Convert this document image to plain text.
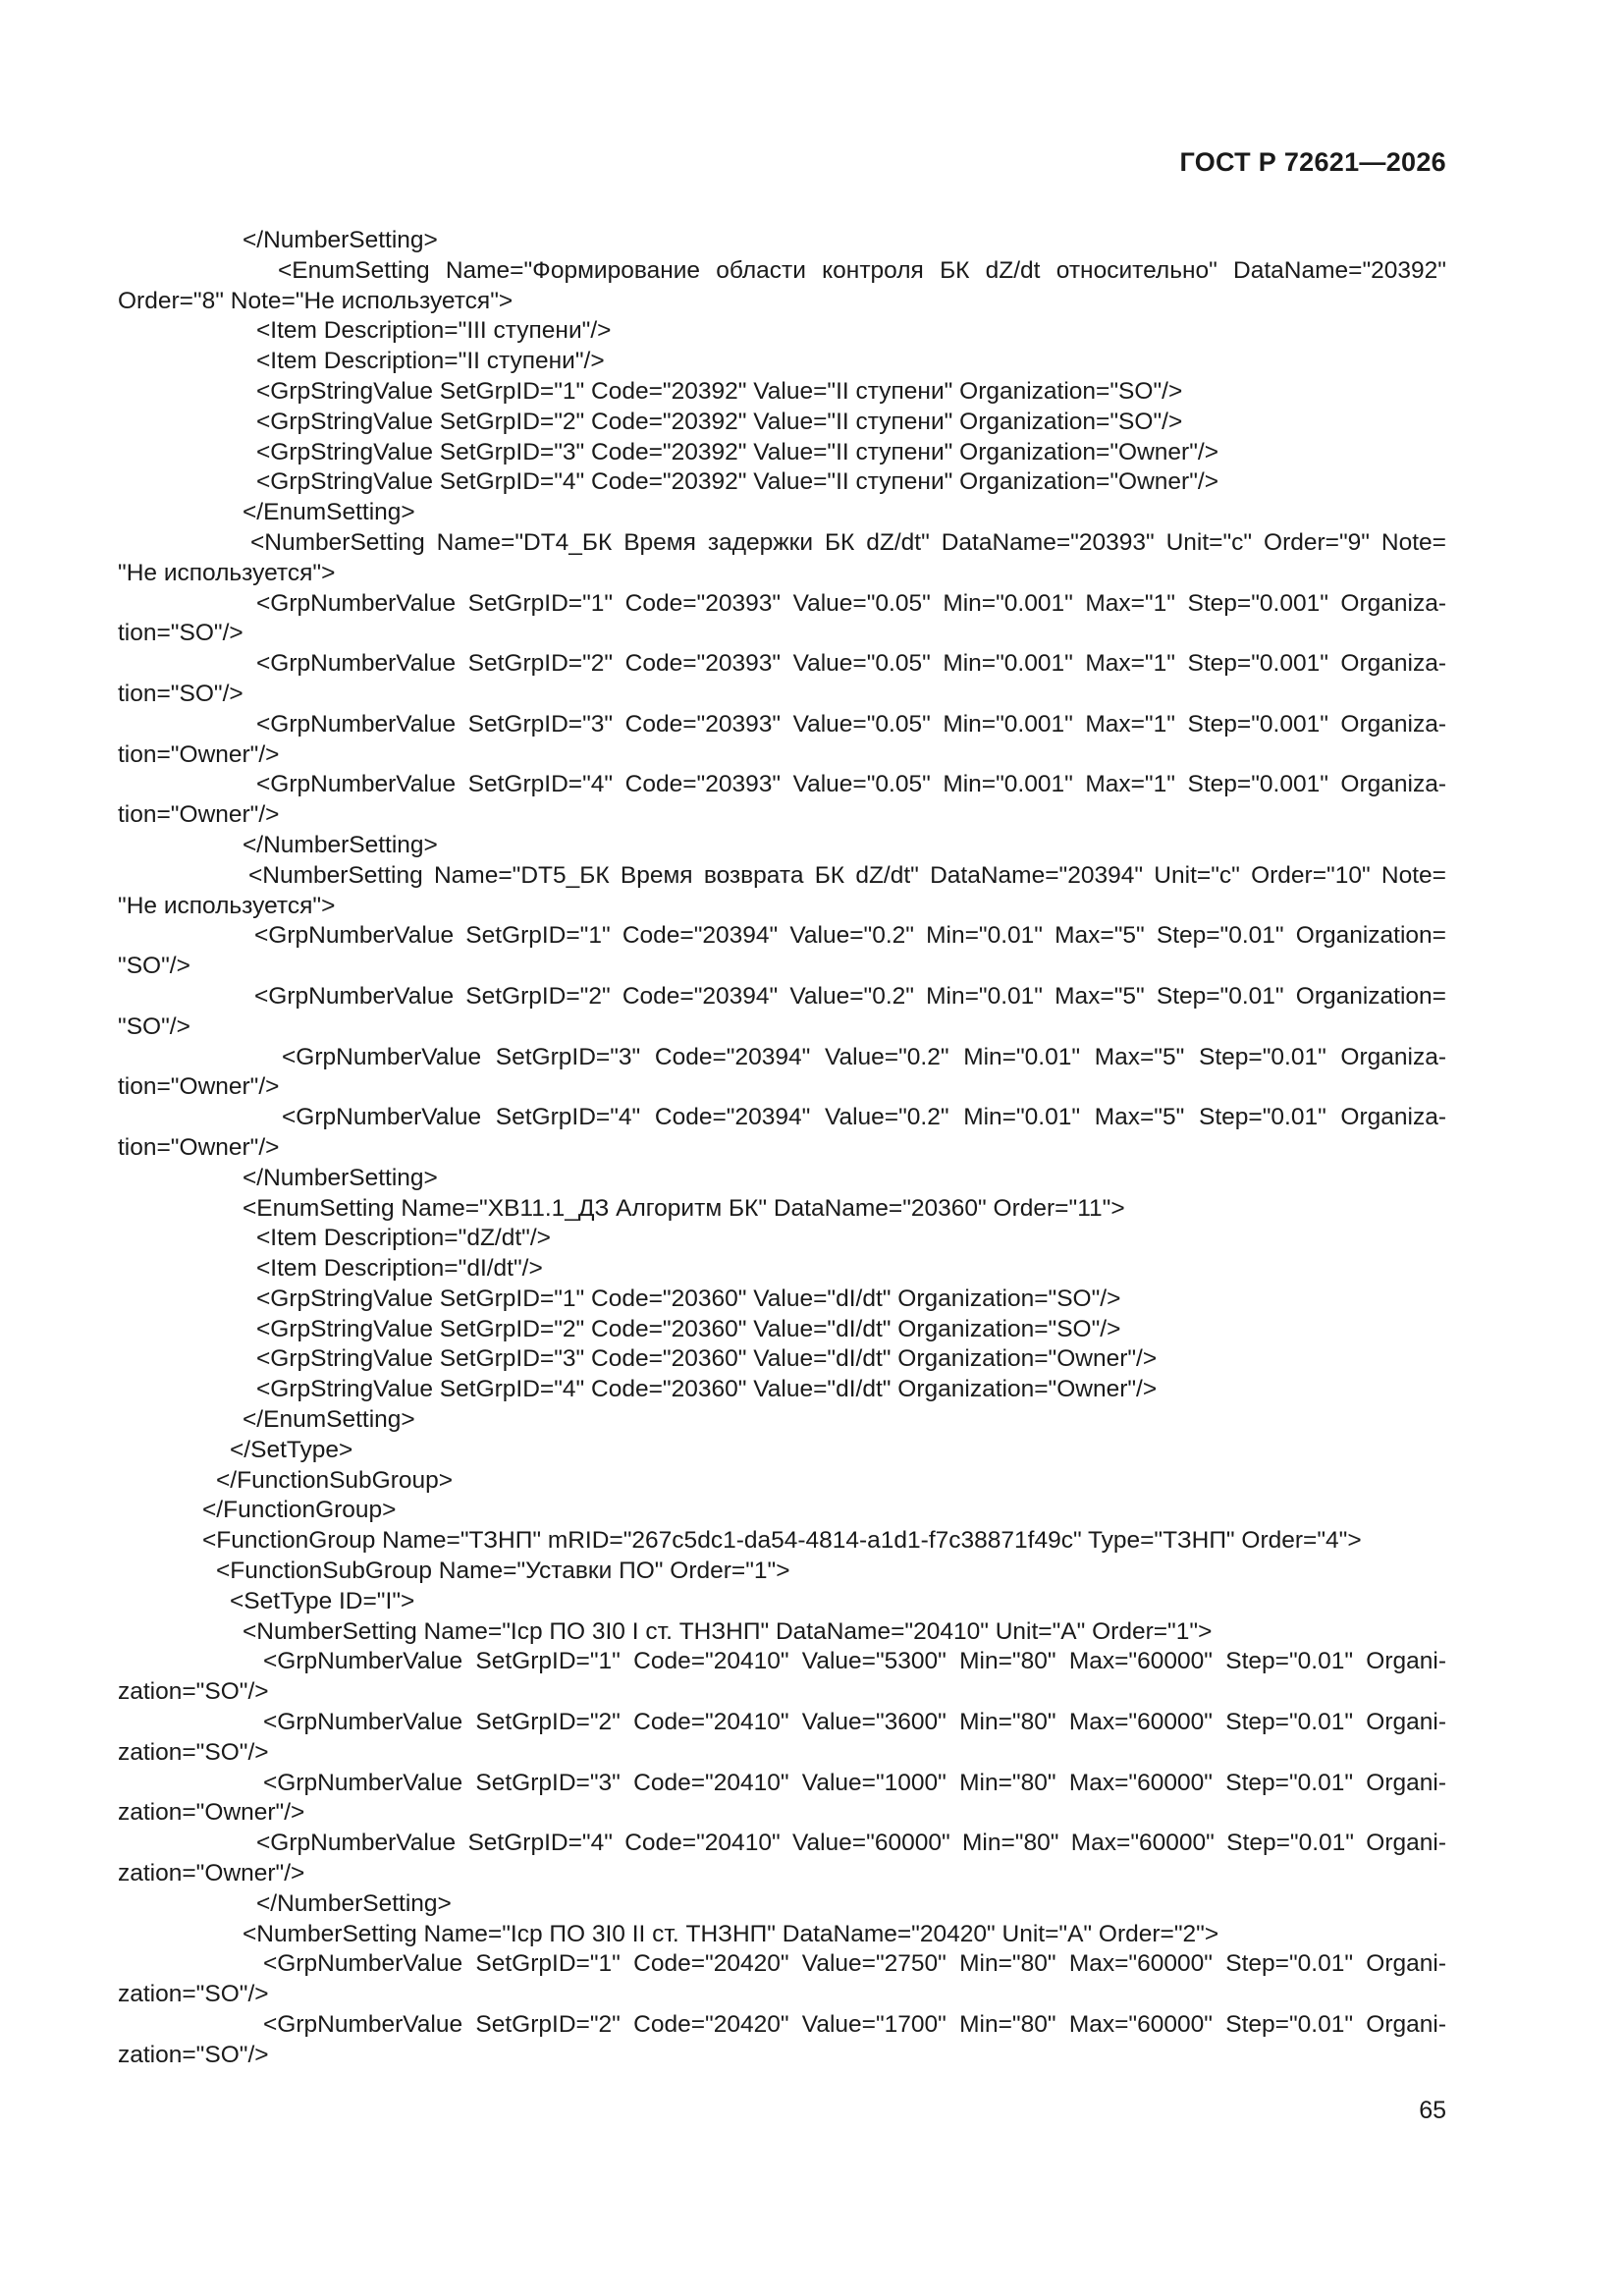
ГОСТ Р 72621—2026
</NumberSetting>
<EnumSetting Name="Формирование области контроля БК dZ/dt относительно" DataName="20392"
Order="8" Note="Не используется">
<Item Description="III ступени"/>
<Item Description="II ступени"/>
<GrpStringValue SetGrpID="1" Code="20392" Value="II ступени" Organization="SO"/>
<GrpStringValue SetGrpID="2" Code="20392" Value="II ступени" Organization="SO"/>
<GrpStringValue SetGrpID="3" Code="20392" Value="II ступени" Organization="Owner"/>
<GrpStringValue SetGrpID="4" Code="20392" Value="II ступени" Organization="Owner"/>
</EnumSetting>
<NumberSetting Name="DT4_БК Время задержки БК dZ/dt" DataName="20393" Unit="c" Order="9" Note=
"Не используется">
<GrpNumberValue SetGrpID="1" Code="20393" Value="0.05" Min="0.001" Max="1" Step="0.001" Organiza-
tion="SO"/>
<GrpNumberValue SetGrpID="2" Code="20393" Value="0.05" Min="0.001" Max="1" Step="0.001" Organiza-
tion="SO"/>
<GrpNumberValue SetGrpID="3" Code="20393" Value="0.05" Min="0.001" Max="1" Step="0.001" Organiza-
tion="Owner"/>
<GrpNumberValue SetGrpID="4" Code="20393" Value="0.05" Min="0.001" Max="1" Step="0.001" Organiza-
tion="Owner"/>
</NumberSetting>
<NumberSetting Name="DT5_БК Время возврата БК dZ/dt" DataName="20394" Unit="c" Order="10" Note=
"Не используется">
<GrpNumberValue SetGrpID="1" Code="20394" Value="0.2" Min="0.01" Max="5" Step="0.01" Organization=
"SO"/>
<GrpNumberValue SetGrpID="2" Code="20394" Value="0.2" Min="0.01" Max="5" Step="0.01" Organization=
"SO"/>
<GrpNumberValue SetGrpID="3" Code="20394" Value="0.2" Min="0.01" Max="5" Step="0.01" Organiza-
tion="Owner"/>
<GrpNumberValue SetGrpID="4" Code="20394" Value="0.2" Min="0.01" Max="5" Step="0.01" Organiza-
tion="Owner"/>
</NumberSetting>
<EnumSetting Name="XB11.1_ДЗ Алгоритм БК" DataName="20360" Order="11">
<Item Description="dZ/dt"/>
<Item Description="dI/dt"/>
<GrpStringValue SetGrpID="1" Code="20360" Value="dI/dt" Organization="SO"/>
<GrpStringValue SetGrpID="2" Code="20360" Value="dI/dt" Organization="SO"/>
<GrpStringValue SetGrpID="3" Code="20360" Value="dI/dt" Organization="Owner"/>
<GrpStringValue SetGrpID="4" Code="20360" Value="dI/dt" Organization="Owner"/>
</EnumSetting>
</SetType>
</FunctionSubGroup>
</FunctionGroup>
<FunctionGroup Name="ТЗНП" mRID="267c5dc1-da54-4814-a1d1-f7c38871f49c" Type="ТЗНП" Order="4">
<FunctionSubGroup Name="Уставки ПО" Order="1">
<SetType ID="I">
<NumberSetting Name="Icp ПО 3I0 I ст. ТНЗНП" DataName="20410" Unit="A" Order="1">
<GrpNumberValue SetGrpID="1" Code="20410" Value="5300" Min="80" Max="60000" Step="0.01" Organi-
zation="SO"/>
<GrpNumberValue SetGrpID="2" Code="20410" Value="3600" Min="80" Max="60000" Step="0.01" Organi-
zation="SO"/>
<GrpNumberValue SetGrpID="3" Code="20410" Value="1000" Min="80" Max="60000" Step="0.01" Organi-
zation="Owner"/>
<GrpNumberValue SetGrpID="4" Code="20410" Value="60000" Min="80" Max="60000" Step="0.01" Organi-
zation="Owner"/>
</NumberSetting>
<NumberSetting Name="Icp ПО 3I0 II ст. ТНЗНП" DataName="20420" Unit="A" Order="2">
<GrpNumberValue SetGrpID="1" Code="20420" Value="2750" Min="80" Max="60000" Step="0.01" Organi-
zation="SO"/>
<GrpNumberValue SetGrpID="2" Code="20420" Value="1700" Min="80" Max="60000" Step="0.01" Organi-
zation="SO"/>
65
